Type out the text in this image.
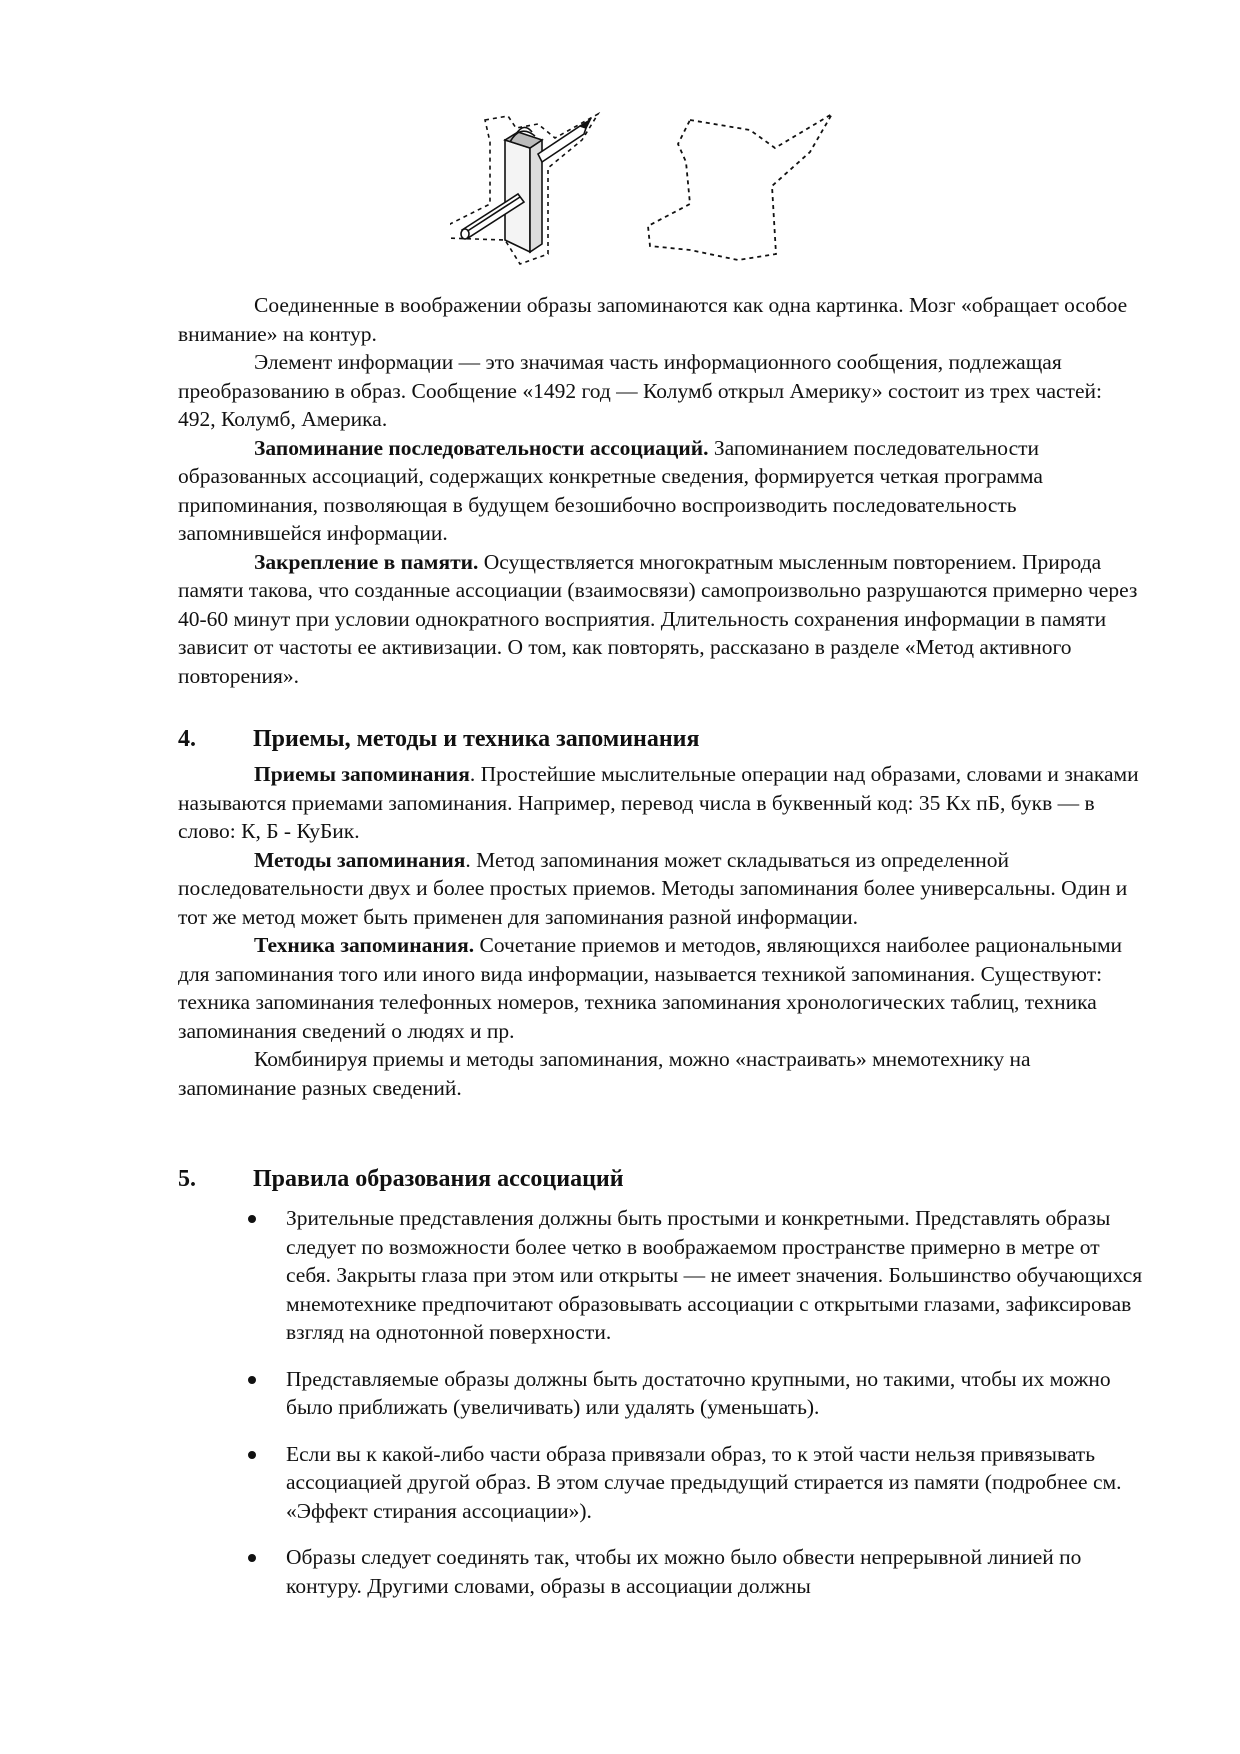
Соединенные в воображении образы запоминаются как одна картинка. Мозг «обращает особое внимание» на контур.

Элемент информации — это значимая часть информационного сообщения, подлежащая преобразованию в образ. Сообщение «1492 год — Колумб открыл Америку» состоит из трех частей: 492, Колумб, Америка.

Запоминание последовательности ассоциаций. Запоминанием последовательности образованных ассоциаций, содержащих конкретные сведения, формируется четкая программа припоминания, позволяющая в будущем безошибочно воспроизводить последовательность запомнившейся информации.

Закрепление в памяти. Осуществляется многократным мысленным повторением. Природа памяти такова, что созданные ассоциации (взаимосвязи) самопроизвольно разрушаются примерно через 40-60 минут при условии однократного восприятия. Длительность сохранения информации в памяти зависит от частоты ее активизации. О том, как повторять, рассказано в разделе «Метод активного повторения».

4. Приемы, методы и техника запоминания

Приемы запоминания. Простейшие мыслительные операции над образами, словами и знаками называются приемами запоминания. Например, перевод числа в буквенный код: 35 Кх пБ, букв — в слово: К, Б - КуБик.

Методы запоминания. Метод запоминания может складываться из определенной последовательности двух и более простых приемов. Методы запоминания более универсальны. Один и тот же метод может быть применен для запоминания разной информации.

Техника запоминания. Сочетание приемов и методов, являющихся наиболее рациональными для запоминания того или иного вида информации, называется техникой запоминания. Существуют: техника запоминания телефонных номеров, техника запоминания хронологических таблиц, техника запоминания сведений о людях и пр.

Комбинируя приемы и методы запоминания, можно «настраивать» мнемотехнику на запоминание разных сведений.

5. Правила образования ассоциаций
Зрительные представления должны быть простыми и конкретными. Представлять образы следует по возможности более четко в воображаемом пространстве примерно в метре от себя. Закрыты глаза при этом или открыты — не имеет значения. Большинство обучающихся мнемотехнике предпочитают образовывать ассоциации с открытыми глазами, зафиксировав взгляд на однотонной поверхности.
Представляемые образы должны быть достаточно крупными, но такими, чтобы их можно было приближать (увеличивать) или удалять (уменьшать).
Если вы к какой-либо части образа привязали образ, то к этой части нельзя привязывать ассоциацией другой образ. В этом случае предыдущий стирается из памяти (подробнее см. «Эффект стирания ассоциации»).
Образы следует соединять так, чтобы их можно было обвести непрерывной линией по контуру. Другими словами, образы в ассоциации должны
